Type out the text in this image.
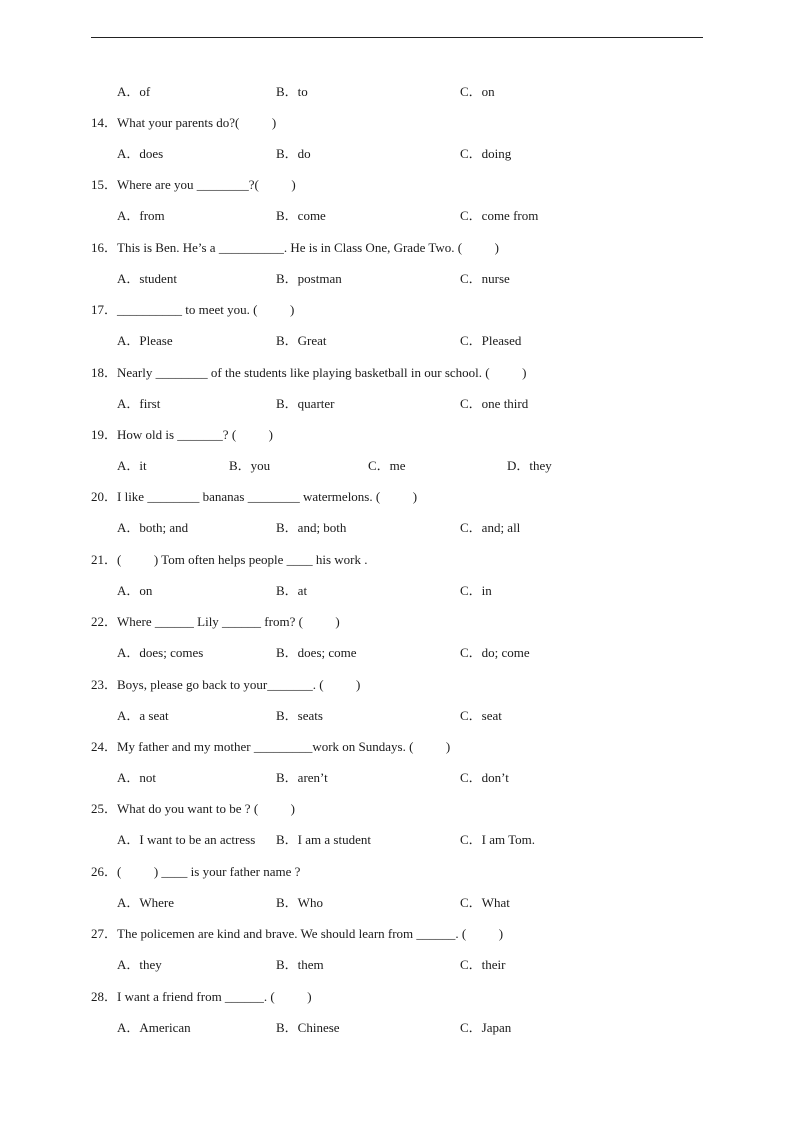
A．of	B．to	C．on
14．What your parents do?(          )
A．does	B．do	C．doing
15．Where are you ________?(          )
A．from	B．come	C．come from
16．This is Ben. He’s a __________. He is in Class One, Grade Two. (          )
A．student	B．postman	C．nurse
17．__________ to meet you. (          )
A．Please	B．Great	C．Pleased
18．Nearly ________ of the students like playing basketball in our school. (          )
A．first	B．quarter	C．one third
19．How old is _______? (          )
A．it	B．you	C．me	D．they
20．I like ________ bananas ________ watermelons. (          )
A．both; and	B．and; both	C．and; all
21．(          ) Tom often helps people ____ his work .
A．on	B．at	C．in
22．Where ______ Lily ______ from? (          )
A．does; comes	B．does; come	C．do; come
23．Boys, please go back to your_______. (          )
A．a seat	B．seats	C．seat
24．My father and my mother _________work on Sundays. (          )
A．not	B．aren’t	C．don’t
25．What do you want to be ? (          )
A．I want to be an actress B．I am a student	C．I am Tom.
26．(          ) ____ is your father name ?
A．Where	B．Who	C．What
27．The policemen are kind and brave. We should learn from ______. (          )
A．they	B．them	C．their
28．I want a friend from ______. (          )
A．American	B．Chinese	C．Japan
